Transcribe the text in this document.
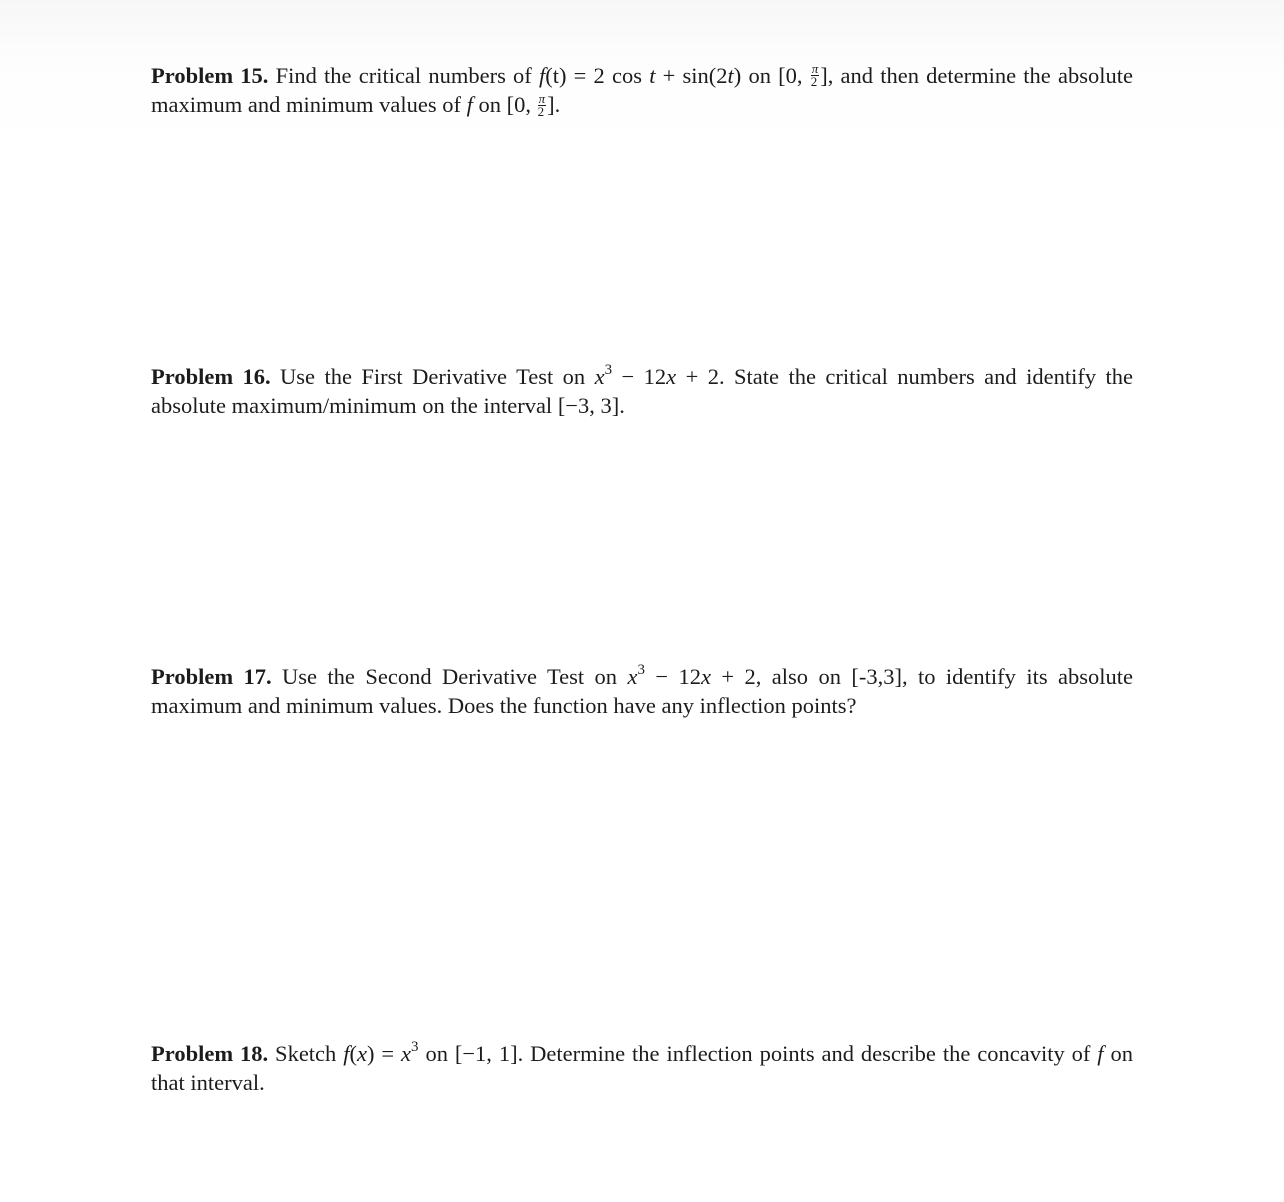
Problem 15. Find the critical numbers of f(t) = 2 cos t + sin(2t) on [0, $\frac{\pi}{2}$ ], and then determine the absolute maximum and minimum values of f on [0, $\frac{\pi}{2}$ ].

Problem 16. Use the First Derivative Test on $x^3 - 12x + 2$. State the critical numbers and identify the absolute maximum/minimum on the interval [−3, 3].

Problem 17. Use the Second Derivative Test on $x^3 - 12x + 2$, also on [-3,3], to identify its absolute maximum and minimum values. Does the function have any inflection points?

Problem 18. Sketch $f(x) = x^3$ on [−1, 1]. Determine the inflection points and describe the concavity of f on that interval.
